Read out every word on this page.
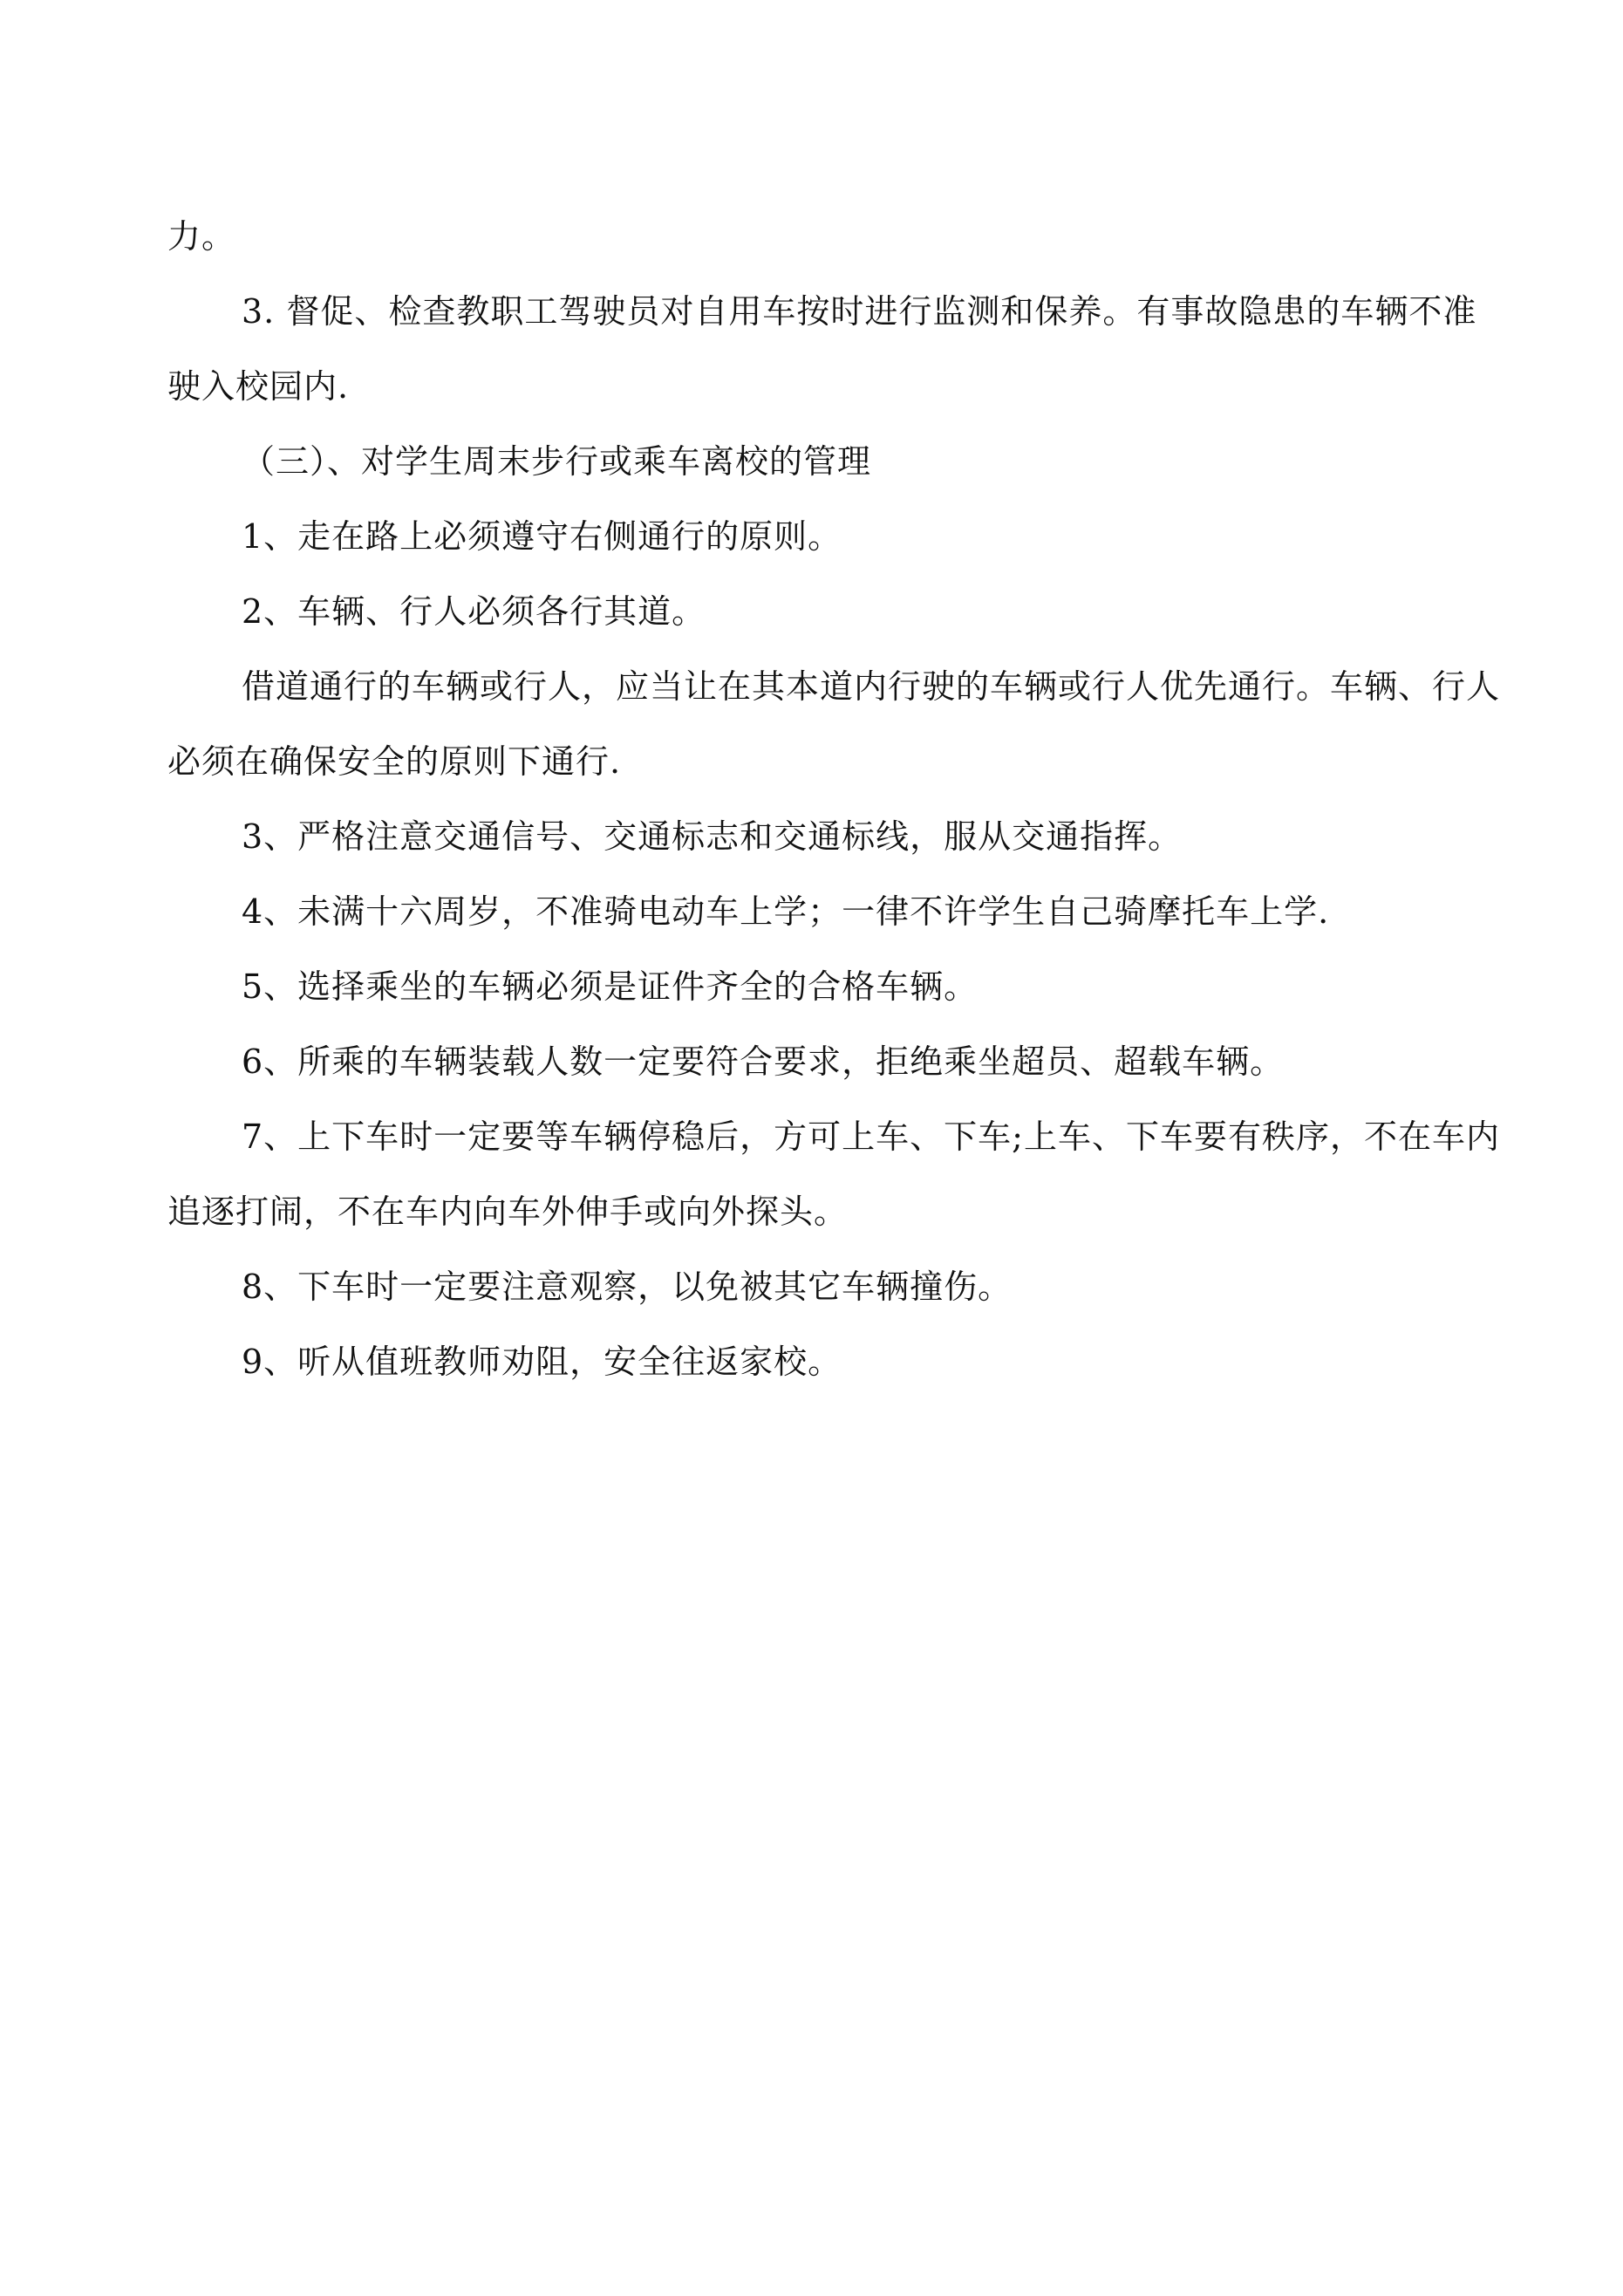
力。

3. 督促、检查教职工驾驶员对自用车按时进行监测和保养。有事故隐患的车辆不准驶入校园内.

（三）、对学生周末步行或乘车离校的管理

1、走在路上必须遵守右侧通行的原则。

2、车辆、行人必须各行其道。

借道通行的车辆或行人，应当让在其本道内行驶的车辆或行人优先通行。车辆、行人必须在确保安全的原则下通行.

3、严格注意交通信号、交通标志和交通标线，服从交通指挥。

4、未满十六周岁，不准骑电动车上学；一律不许学生自己骑摩托车上学.

5、选择乘坐的车辆必须是证件齐全的合格车辆。

6、所乘的车辆装载人数一定要符合要求，拒绝乘坐超员、超载车辆。

7、上下车时一定要等车辆停稳后，方可上车、下车;上车、下车要有秩序，不在车内追逐打闹，不在车内向车外伸手或向外探头。

8、下车时一定要注意观察，以免被其它车辆撞伤。

9、听从值班教师劝阻，安全往返家校。
